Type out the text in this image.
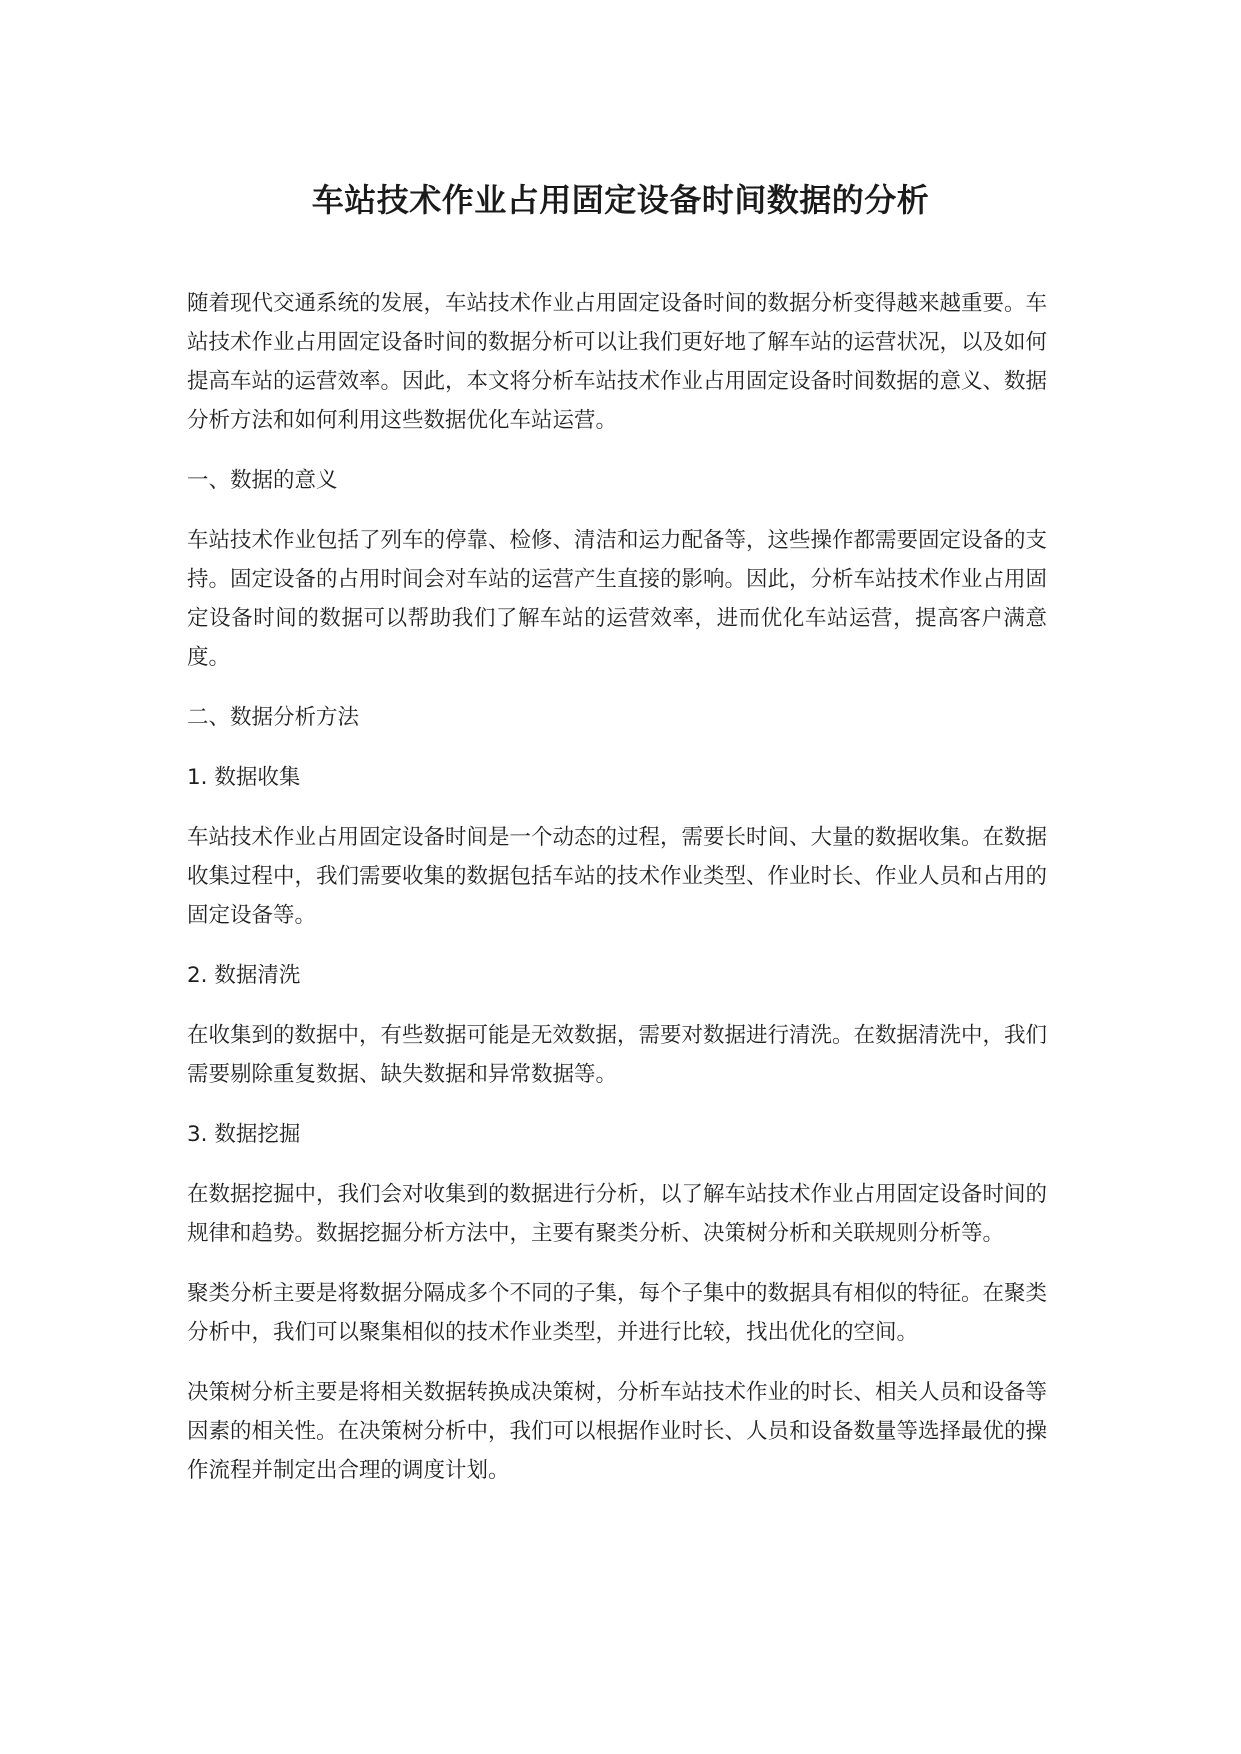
车站技术作业占用固定设备时间数据的分析

随着现代交通系统的发展，车站技术作业占用固定设备时间的数据分析变得越来越重要。车站技术作业占用固定设备时间的数据分析可以让我们更好地了解车站的运营状况，以及如何提高车站的运营效率。因此，本文将分析车站技术作业占用固定设备时间数据的意义、数据分析方法和如何利用这些数据优化车站运营。

一、数据的意义

车站技术作业包括了列车的停靠、检修、清洁和运力配备等，这些操作都需要固定设备的支持。固定设备的占用时间会对车站的运营产生直接的影响。因此，分析车站技术作业占用固定设备时间的数据可以帮助我们了解车站的运营效率，进而优化车站运营，提高客户满意度。

二、数据分析方法

1. 数据收集

车站技术作业占用固定设备时间是一个动态的过程，需要长时间、大量的数据收集。在数据收集过程中，我们需要收集的数据包括车站的技术作业类型、作业时长、作业人员和占用的固定设备等。

2. 数据清洗

在收集到的数据中，有些数据可能是无效数据，需要对数据进行清洗。在数据清洗中，我们需要剔除重复数据、缺失数据和异常数据等。

3. 数据挖掘

在数据挖掘中，我们会对收集到的数据进行分析，以了解车站技术作业占用固定设备时间的规律和趋势。数据挖掘分析方法中，主要有聚类分析、决策树分析和关联规则分析等。

聚类分析主要是将数据分隔成多个不同的子集，每个子集中的数据具有相似的特征。在聚类分析中，我们可以聚集相似的技术作业类型，并进行比较，找出优化的空间。

决策树分析主要是将相关数据转换成决策树，分析车站技术作业的时长、相关人员和设备等因素的相关性。在决策树分析中，我们可以根据作业时长、人员和设备数量等选择最优的操作流程并制定出合理的调度计划。
